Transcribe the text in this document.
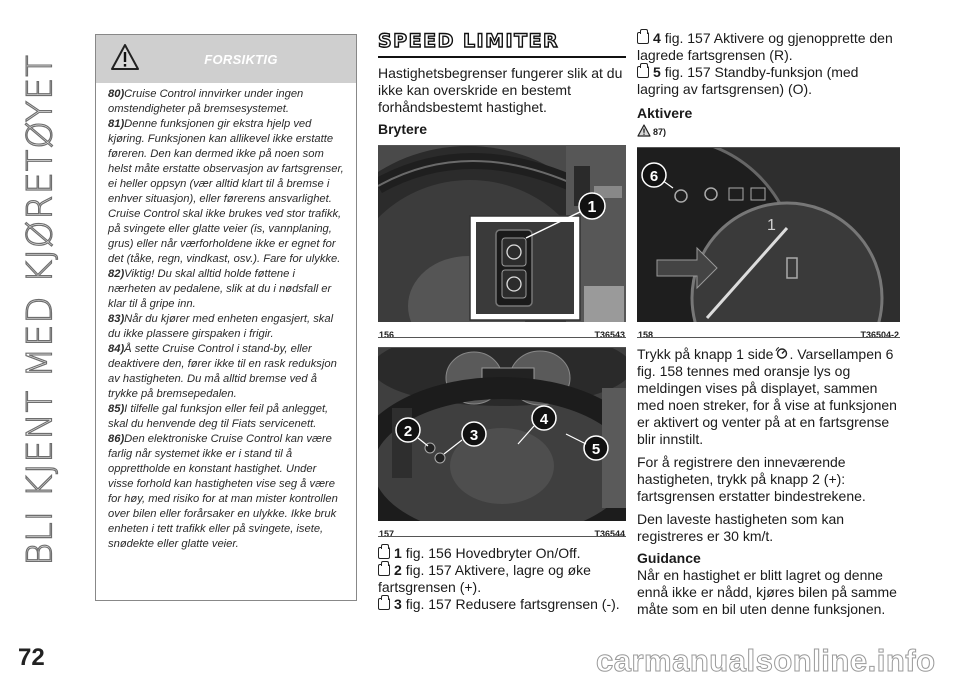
BLI KJENT MED KJØRETØYET
72	carmanualsonline.info
FORSIKTIG

80)Cruise Control innvirker under ingen omstendigheter på bremsesystemet.

81)Denne funksjonen gir ekstra hjelp ved kjøring. Funksjonen kan allikevel ikke erstatte føreren. Den kan dermed ikke på noen som helst måte erstatte observasjon av fartsgrenser, ei heller oppsyn (vær alltid klart til å bremse i enhver situasjon), eller førerens ansvarlighet. Cruise Control skal ikke brukes ved stor trafikk, på svingete eller glatte veier (is, vannplaning, grus) eller når værforholdene ikke er egnet for det (tåke, regn, vindkast, osv.). Fare for ulykke.

82)Viktig! Du skal alltid holde føttene i nærheten av pedalene, slik at du i nødsfall er klar til å gripe inn.

83)Når du kjører med enheten engasjert, skal du ikke plassere girspaken i frigir.

84)Å sette Cruise Control i stand-by, eller deaktivere den, fører ikke til en rask reduksjon av hastigheten. Du må alltid bremse ved å trykke på bremsepedalen.

85)I tilfelle gal funksjon eller feil på anlegget, skal du henvende deg til Fiats servicenett.

86)Den elektroniske Cruise Control kan være farlig når systemet ikke er i stand til å opprettholde en konstant hastighet. Under visse forhold kan hastigheten vise seg å være for høy, med risiko for at man mister kontrollen over bilen eller forårsaker en ulykke. Ikke bruk enheten i tett trafikk eller på svingete, isete, snødekte eller glatte veier.

SPEED LIMITER

Hastighetsbegrenser fungerer slik at du ikke kan overskride en bestemt forhåndsbestemt hastighet.

Brytere

1
156	T36543
2	3
4
5
157	T36544

1 fig. 156 Hovedbryter On/Off.

2 fig. 157 Aktivere, lagre og øke fartsgrensen (+).

3 fig. 157 Redusere fartsgrensen (-).

4 fig. 157 Aktivere og gjenopprette den lagrede fartsgrensen (R).

5 fig. 157 Standby-funksjon (med lagring av fartsgrensen) (O).

Aktivere

87)
1
6
158	T36504-2

Trykk på knapp 1 side . Varsellampen 6 fig. 158 tennes med oransje lys og meldingen vises på displayet, sammen med noen streker, for å vise at funksjonen er aktivert og venter på at en fartsgrense blir innstilt.

For å registrere den inneværende hastigheten, trykk på knapp 2 (+): fartsgrensen erstatter bindestrekene.

Den laveste hastigheten som kan registreres er 30 km/t.

Guidance

Når en hastighet er blitt lagret og denne ennå ikke er nådd, kjøres bilen på samme måte som en bil uten denne funksjonen.
